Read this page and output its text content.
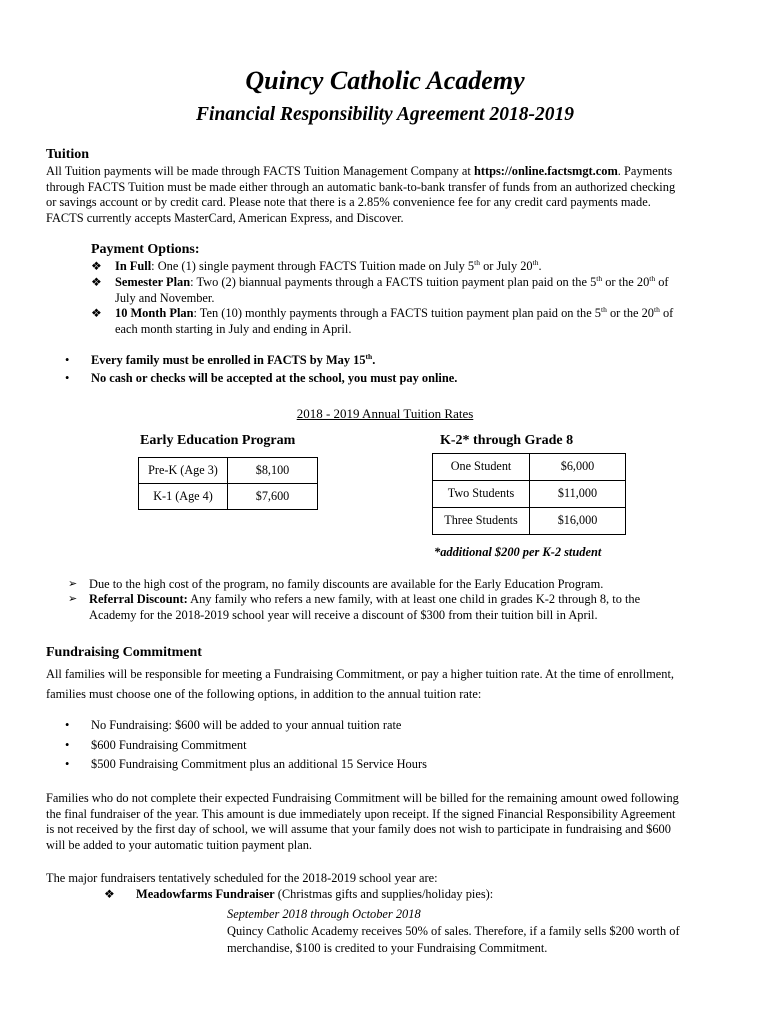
Quincy Catholic Academy
Financial Responsibility Agreement 2018-2019
Tuition
All Tuition payments will be made through FACTS Tuition Management Company at https://online.factsmgt.com. Payments
through FACTS Tuition must be made either through an automatic bank-to-bank transfer of funds from an authorized checking
or savings account or by credit card. Please note that there is a 2.85% convenience fee for any credit card payments made.
FACTS currently accepts MasterCard, American Express, and Discover.
Payment Options:
❖	In Full: One (1) single payment through FACTS Tuition made on July 5th or July 20th.
❖	Semester Plan: Two (2) biannual payments through a FACTS tuition payment plan paid on the 5th or the 20th of
July and November.
❖	10 Month Plan: Ten (10) monthly payments through a FACTS tuition payment plan paid on the 5th or the 20th of
each month starting in July and ending in April.
•	Every family must be enrolled in FACTS by May 15th.
•	No cash or checks will be accepted at the school, you must pay online.
2018 - 2019 Annual Tuition Rates
Early Education Program	K-2* through Grade 8
Pre-K (Age 3)	$8,100
K-1 (Age 4)	$7,600
One Student	$6,000
Two Students	$11,000
Three Students	$16,000
*additional $200 per K-2 student
➢ Due to the high cost of the program, no family discounts are available for the Early Education Program.
➢ Referral Discount: Any family who refers a new family, with at least one child in grades K-2 through 8, to the
Academy for the 2018-2019 school year will receive a discount of $300 from their tuition bill in April.
Fundraising Commitment
All families will be responsible for meeting a Fundraising Commitment, or pay a higher tuition rate. At the time of enrollment,
families must choose one of the following options, in addition to the annual tuition rate:
•	No Fundraising: $600 will be added to your annual tuition rate
•	$600 Fundraising Commitment
•	$500 Fundraising Commitment plus an additional 15 Service Hours
Families who do not complete their expected Fundraising Commitment will be billed for the remaining amount owed following
the final fundraiser of the year. This amount is due immediately upon receipt. If the signed Financial Responsibility Agreement
is not received by the first day of school, we will assume that your family does not wish to participate in fundraising and $600
will be added to your automatic tuition payment plan.
The major fundraisers tentatively scheduled for the 2018-2019 school year are:
❖	Meadowfarms Fundraiser (Christmas gifts and supplies/holiday pies):
September 2018 through October 2018
Quincy Catholic Academy receives 50% of sales. Therefore, if a family sells $200 worth of
merchandise, $100 is credited to your Fundraising Commitment.
